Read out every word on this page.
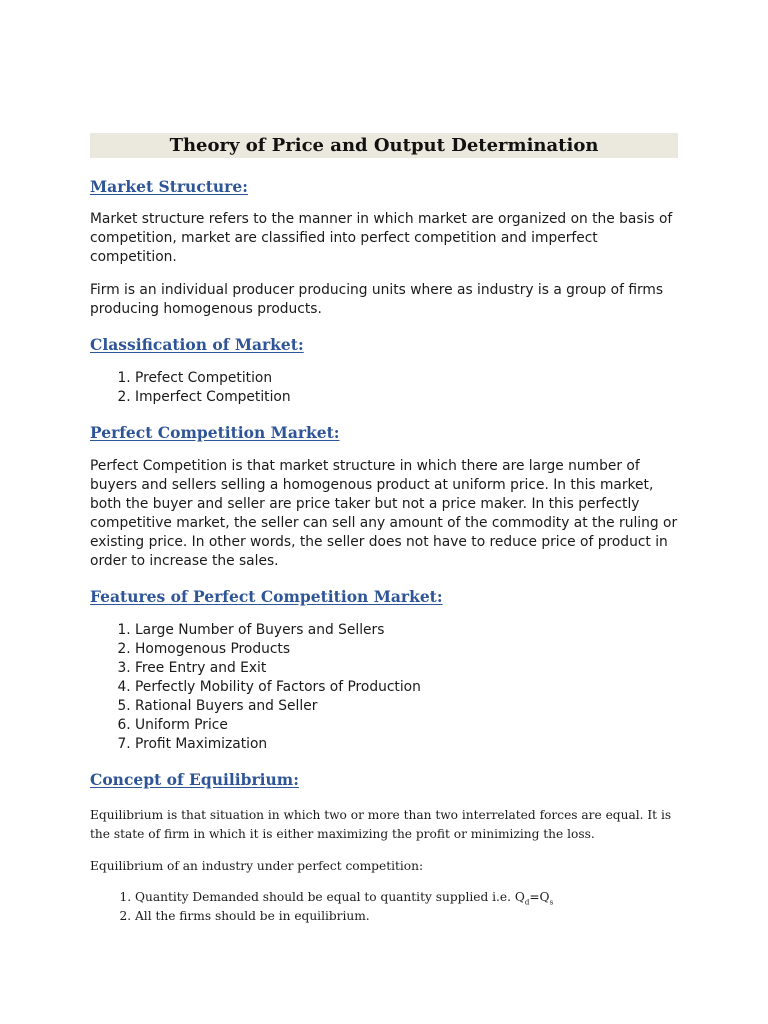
Theory of Price and Output Determination
Market Structure:

Market structure refers to the manner in which market are organized on the basis of competition, market are classified into perfect competition and imperfect competition.

Firm is an individual producer producing units where as industry is a group of firms producing homogenous products.

Classification of Market:
1. Prefect Competition
2. Imperfect Competition
Perfect Competition Market:

Perfect Competition is that market structure in which there are large number of buyers and sellers selling a homogenous product at uniform price. In this market, both the buyer and seller are price taker but not a price maker. In this perfectly competitive market, the seller can sell any amount of the commodity at the ruling or existing price. In other words, the seller does not have to reduce price of product in order to increase the sales.

Features of Perfect Competition Market:
1. Large Number of Buyers and Sellers
2. Homogenous Products
3. Free Entry and Exit
4. Perfectly Mobility of Factors of Production
5. Rational Buyers and Seller
6. Uniform Price
7. Profit Maximization
Concept of Equilibrium:

Equilibrium is that situation in which two or more than two interrelated forces are equal. It is the state of firm in which it is either maximizing the profit or minimizing the loss.

Equilibrium of an industry under perfect competition:

1. Quantity Demanded should be equal to quantity supplied i.e. $Q_d=Q_s$
2. All the firms should be in equilibrium.
